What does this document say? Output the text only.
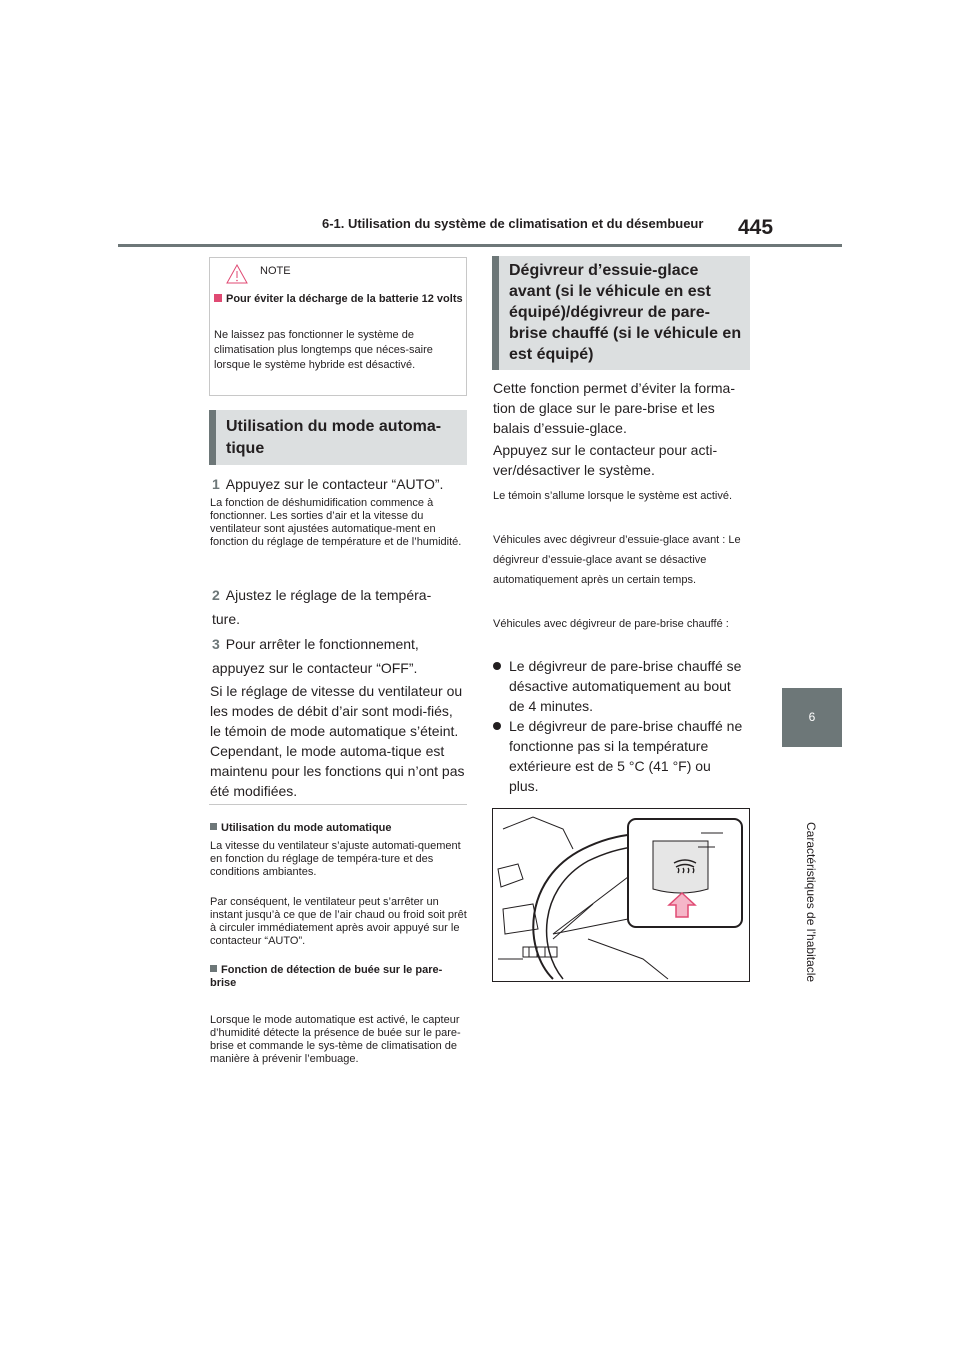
6-1. Utilisation du système de climatisation et du désembueur 445
6
Caractéristiques de l’habitacle
NOTE
Pour éviter la décharge de la batterie 12 volts
Ne laissez pas fonctionner le système de climatisation plus longtemps que néces-saire lorsque le système hybride est désactivé.
Utilisation du mode automa-tique
1 Appuyez sur le contacteur “AUTO”.
La fonction de déshumidification commence à fonctionner. Les sorties d’air et la vitesse du ventilateur sont ajustées automatique-ment en fonction du réglage de température et de l’humidité.
2 Ajustez le réglage de la tempéra-ture.
3 Pour arrêter le fonctionnement, appuyez sur le contacteur “OFF”.
Si le réglage de vitesse du ventilateur ou les modes de débit d’air sont modi-fiés, le témoin de mode automatique s’éteint. Cependant, le mode automa-tique est maintenu pour les fonctions qui n’ont pas été modifiées.
Utilisation du mode automatique
La vitesse du ventilateur s’ajuste automati-quement en fonction du réglage de tempéra-ture et des conditions ambiantes.
Par conséquent, le ventilateur peut s’arrêter un instant jusqu’à ce que de l’air chaud ou froid soit prêt à circuler immédiatement après avoir appuyé sur le contacteur “AUTO”.
Fonction de détection de buée sur le pare-brise
Lorsque le mode automatique est activé, le capteur d’humidité détecte la présence de buée sur le pare-brise et commande le sys-tème de climatisation de manière à prévenir l’embuage.
Dégivreur d’essuie-glace avant (si le véhicule en est équipé)/dégivreur de pare-brise chauffé (si le véhicule en est équipé)
Cette fonction permet d’éviter la forma-tion de glace sur le pare-brise et les balais d’essuie-glace.
Appuyez sur le contacteur pour acti-ver/désactiver le système.
Le témoin s’allume lorsque le système est activé.
Véhicules avec dégivreur d’essuie-glace avant : Le dégivreur d’essuie-glace avant se désactive automatiquement après un certain temps.
Véhicules avec dégivreur de pare-brise chauffé :
Le dégivreur de pare-brise chauffé se désactive automatiquement au bout de 4 minutes.
Le dégivreur de pare-brise chauffé ne fonctionne pas si la température extérieure est de 5 °C (41 °F) ou plus.
